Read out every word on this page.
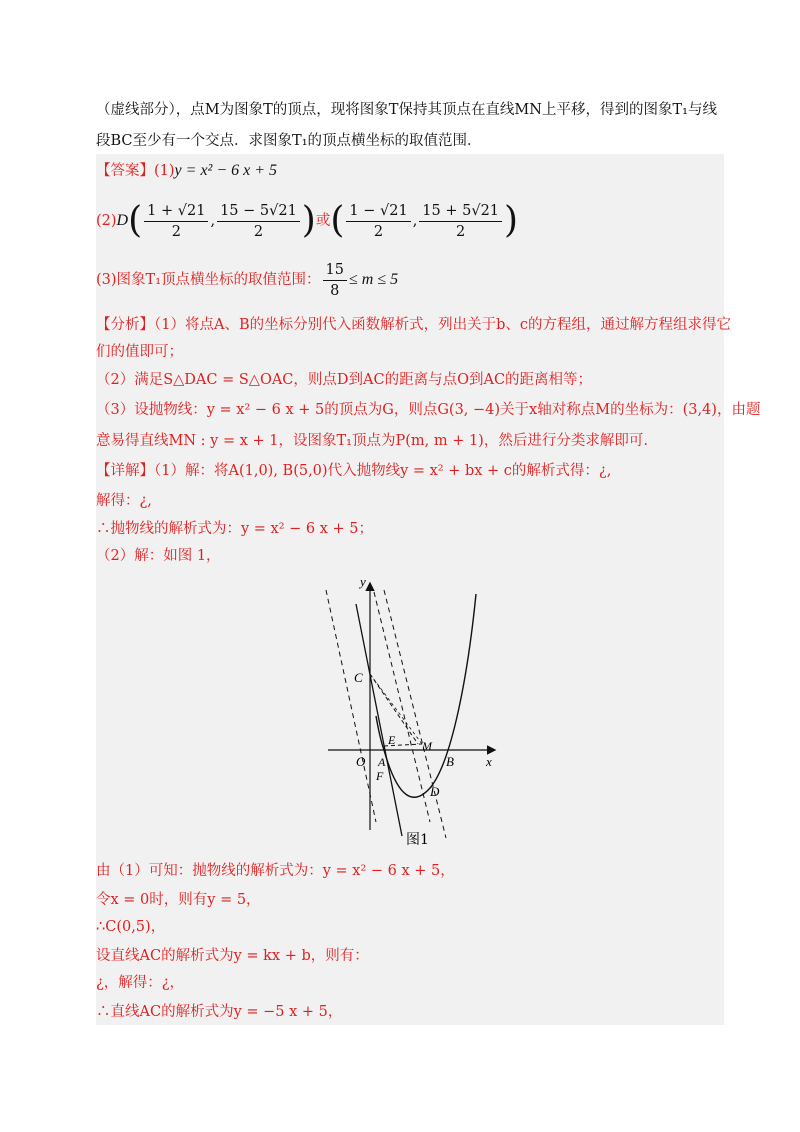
（虚线部分），点M为图象T的顶点，现将图象T保持其顶点在直线MN上平移，得到的图象T₁与线
段BC至少有一个交点．求图象T₁的顶点横坐标的取值范围．
【答案】(1)y = x² − 6 x + 5
$(2)D( \frac{1 + √21}{2}$ , $\frac{15 - 5√21}{2}$ )或( $\frac{1 - √21}{2}$ , $\frac{15 + 5√21}{2}$ )
(3)图象T₁顶点横坐标的取值范围： $\frac{15}{8} \le m \le 5$
【分析】（1）将点A、B的坐标分别代入函数解析式，列出关于b、c的方程组，通过解方程组求得它
们的值即可；
（2）满足S△DAC = S△OAC，则点D到AC的距离与点O到AC的距离相等；
（3）设抛物线：y = x² − 6 x + 5的顶点为G，则点G(3, −4)关于x轴对称点M的坐标为：(3,4)，由题
意易得直线MN : y = x + 1，设图象T₁顶点为P(m, m + 1)，然后进行分类求解即可.
【详解】（1）解：将A(1,0), B(5,0)代入抛物线y = x² + bx + c的解析式得：¿,
解得：¿,
∴抛物线的解析式为：y = x² − 6 x + 5；
（2）解：如图 1，
y
x
C
E M
O A	B
F
D
图1
由（1）可知：抛物线的解析式为：y = x² − 6 x + 5，
令x = 0时，则有y = 5，
∴C(0,5)，
设直线AC的解析式为y = kx + b，则有：
¿，解得：¿，
∴直线AC的解析式为y = −5 x + 5，
